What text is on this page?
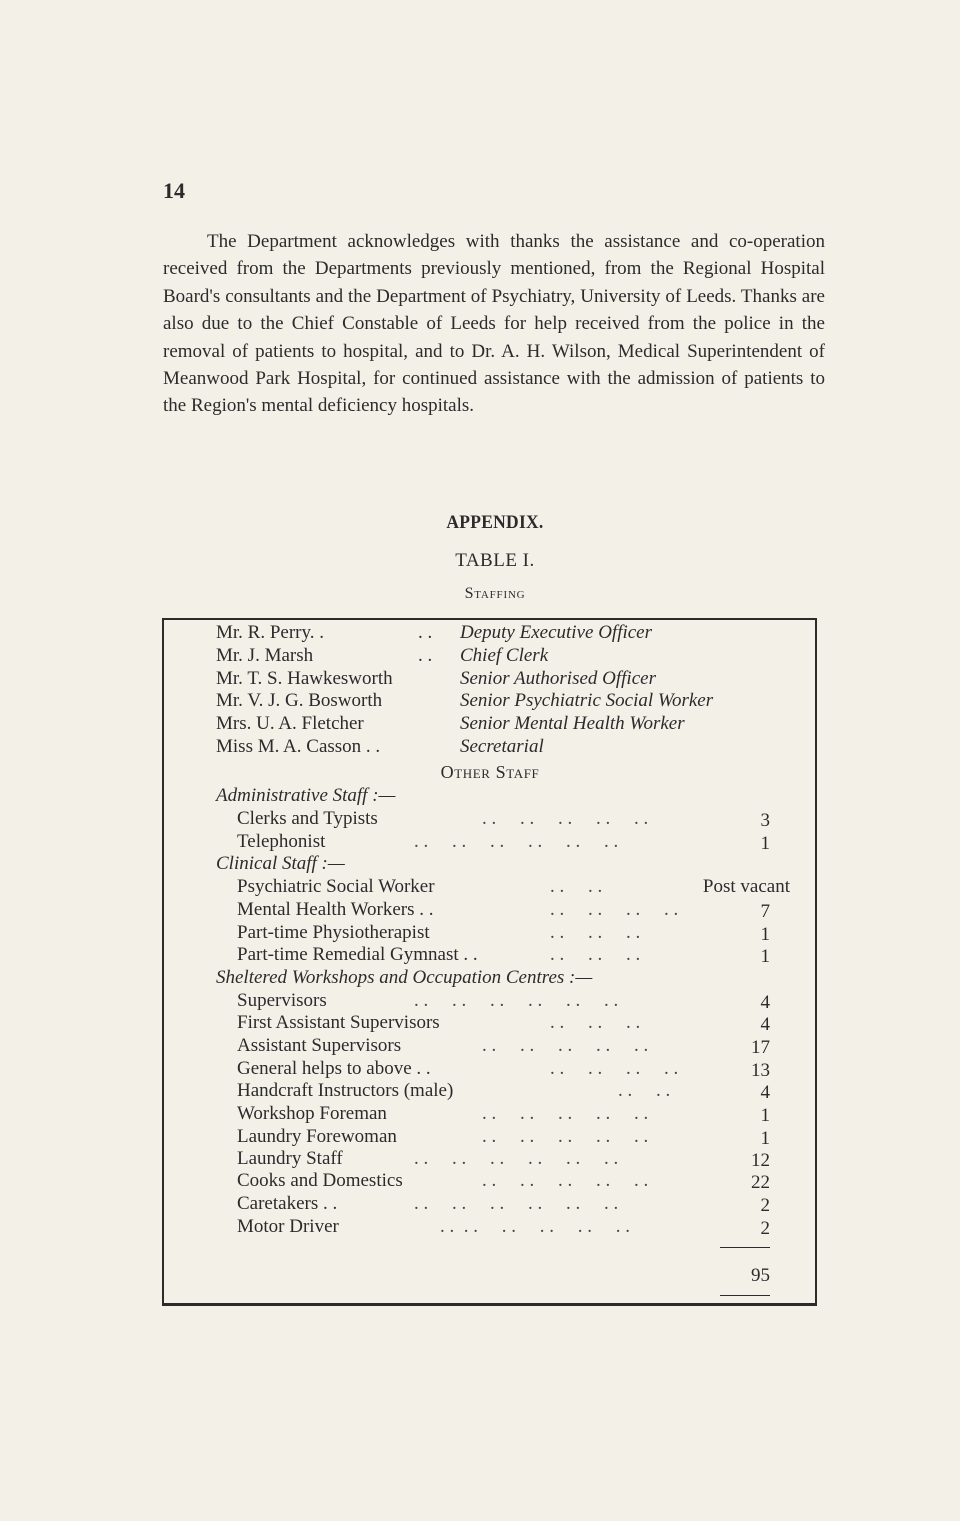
14

The Department acknowledges with thanks the assistance and co-operation received from the Departments previously mentioned, from the Regional Hospital Board's consultants and the Department of Psychiatry, University of Leeds. Thanks are also due to the Chief Constable of Leeds for help received from the police in the removal of patients to hospital, and to Dr. A. H. Wilson, Medical Superintendent of Meanwood Park Hospital, for continued assistance with the admission of patients to the Region's mental deficiency hospitals.

APPENDIX.
TABLE I.
Staffing
Mr. R. Perry. .	. . Deputy Executive Officer
Mr. J. Marsh	. . Chief Clerk
Mr. T. S. Hawkesworth	Senior Authorised Officer
Mr. V. J. G. Bosworth	Senior Psychiatric Social Worker
Mrs. U. A. Fletcher	Senior Mental Health Worker
Miss M. A. Casson . .	Secretarial
Other Staff
Administrative Staff :—
Clerks and Typists	. .     . .     . .     . .     . .	3
Telephonist	. .     . .     . .     . .     . .     . .	1
Clinical Staff :—
Psychiatric Social Worker	. .     . .	Post vacant
Mental Health Workers . .	. .     . .     . .     . .	7
Part-time Physiotherapist	. .     . .     . .	1
Part-time Remedial Gymnast . .	. .     . .     . .	1
Sheltered Workshops and Occupation Centres :—
Supervisors	. .     . .     . .     . .     . .     . .	4
First Assistant Supervisors	. .     . .     . .	4
Assistant Supervisors	. .     . .     . .     . .     . .	17
General helps to above . .	. .     . .     . .     . .	13
Handcraft Instructors (male)	. .     . .	4
Workshop Foreman	. .     . .     . .     . .     . .	1
Laundry Forewoman	. .     . .     . .     . .     . .	1
Laundry Staff	. .     . .     . .     . .     . .     . .	12
Cooks and Domestics	. .     . .     . .     . .     . .	22
Caretakers . .	. .     . .     . .     . .     . .     . .	2
Motor Driver	. .  . .     . .     . .     . .     . .	2
95
